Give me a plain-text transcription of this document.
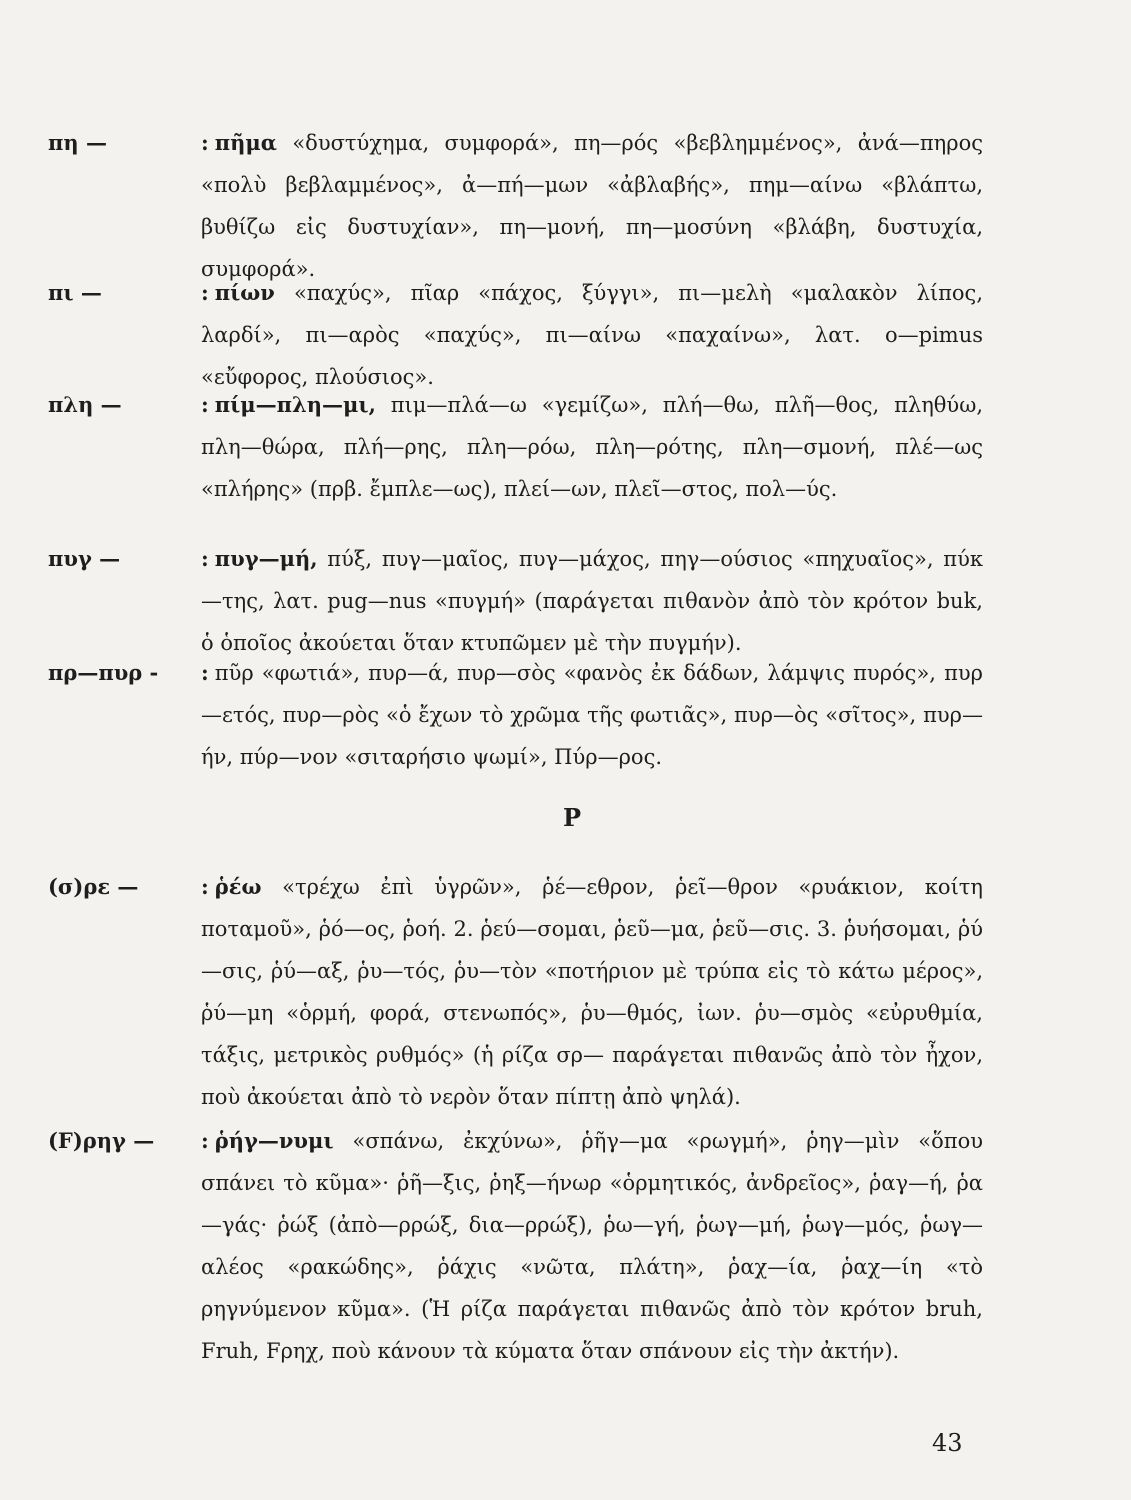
πη —	: πῆμα «δυστύχημα, συμφορά», πη—ρός «βεβλημμένος», ἀνά—πηρος «πολὺ βεβλαμμένος», ἀ—πή—μων «ἀβλαβής», πημ—αίνω «βλάπτω, βυθίζω εἰς δυστυχίαν», πη—μονή, πη—μοσύνη «βλάβη, δυστυχία, συμφορά».
πι —	: πίων «παχύς», πῖαρ «πάχος, ξύγγι», πι—μελὴ «μαλακὸν λίπος, λαρδί», πι—αρὸς «παχύς», πι—αίνω «παχαίνω», λατ. o—pimus «εὔφορος, πλούσιος».
πλη —	: πίμ—πλη—μι, πιμ—πλά—ω «γεμίζω», πλή—θω, πλῆ—θος, πληθύω, πλη—θώρα, πλή—ρης, πλη—ρόω, πλη—ρότης, πλη—σμονή, πλέ—ως «πλήρης» (πρβ. ἔμπλε—ως), πλεί—ων, πλεῖ—στος, πολ—ύς.
πυγ —	: πυγ—μή, πύξ, πυγ—μαῖος, πυγ—μάχος, πηγ—ούσιος «πηχυαῖος», πύκ—της, λατ. pug—nus «πυγμή» (παράγεται πιθανὸν ἀπὸ τὸν κρότον buk, ὁ ὁποῖος ἀκούεται ὅταν κτυπῶμεν μὲ τὴν πυγμήν).
πρ—πυρ - : πῦρ «φωτιά», πυρ—ά, πυρ—σὸς «φανὸς ἐκ δάδων, λάμψις πυρός», πυρ—ετός, πυρ—ρὸς «ὁ ἔχων τὸ χρῶμα τῆς φωτιᾶς», πυρ—ὸς «σῖτος», πυρ—ήν, πύρ—νον «σιταρήσιο ψωμί», Πύρ—ρος.
Ρ
(σ)ρε —	: ῥέω «τρέχω ἐπὶ ὑγρῶν», ῥέ—εθρον, ῥεῖ—θρον «ρυάκιον, κοίτη ποταμοῦ», ῥό—ος, ῥοή. 2. ῥεύ—σομαι, ῥεῦ—μα, ῥεῦ—σις. 3. ῥυήσομαι, ῥύ—σις, ῥύ—αξ, ῥυ—τός, ῥυ—τὸν «ποτήριον μὲ τρύπα εἰς τὸ κάτω μέρος», ῥύ—μη «ὁρμή, φορά, στενωπός», ῥυ—θμός, ἰων. ῥυ—σμὸς «εὐρυθμία, τάξις, μετρικὸς ρυθμός» (ἡ ρίζα σρ— παράγεται πιθανῶς ἀπὸ τὸν ἦχον, ποὺ ἀκούεται ἀπὸ τὸ νερὸν ὅταν πίπτῃ ἀπὸ ψηλά).
(F)ρηγ — : ῥήγ—νυμι «σπάνω, ἐκχύνω», ῥῆγ—μα «ρωγμή», ῥηγ—μὶν «ὅπου σπάνει τὸ κῦμα»· ῥῆ—ξις, ῥηξ—ήνωρ «ὁρμητικός, ἀνδρεῖος», ῥαγ—ή, ῥα—γάς· ῥώξ (ἀπὸ—ρρώξ, δια—ρρώξ), ῥω—γή, ῥωγ—μή, ῥωγ—μός, ῥωγ—αλέος «ρακώδης», ῥάχις «νῶτα, πλάτη», ῥαχ—ία, ῥαχ—ίη «τὸ ρηγνύμενον κῦμα». (Ἡ ρίζα παράγεται πιθανῶς ἀπὸ τὸν κρότον bruh, Fruh, Fρηχ, ποὺ κάνουν τὰ κύματα ὅταν σπάνουν εἰς τὴν ἀκτήν).
43
